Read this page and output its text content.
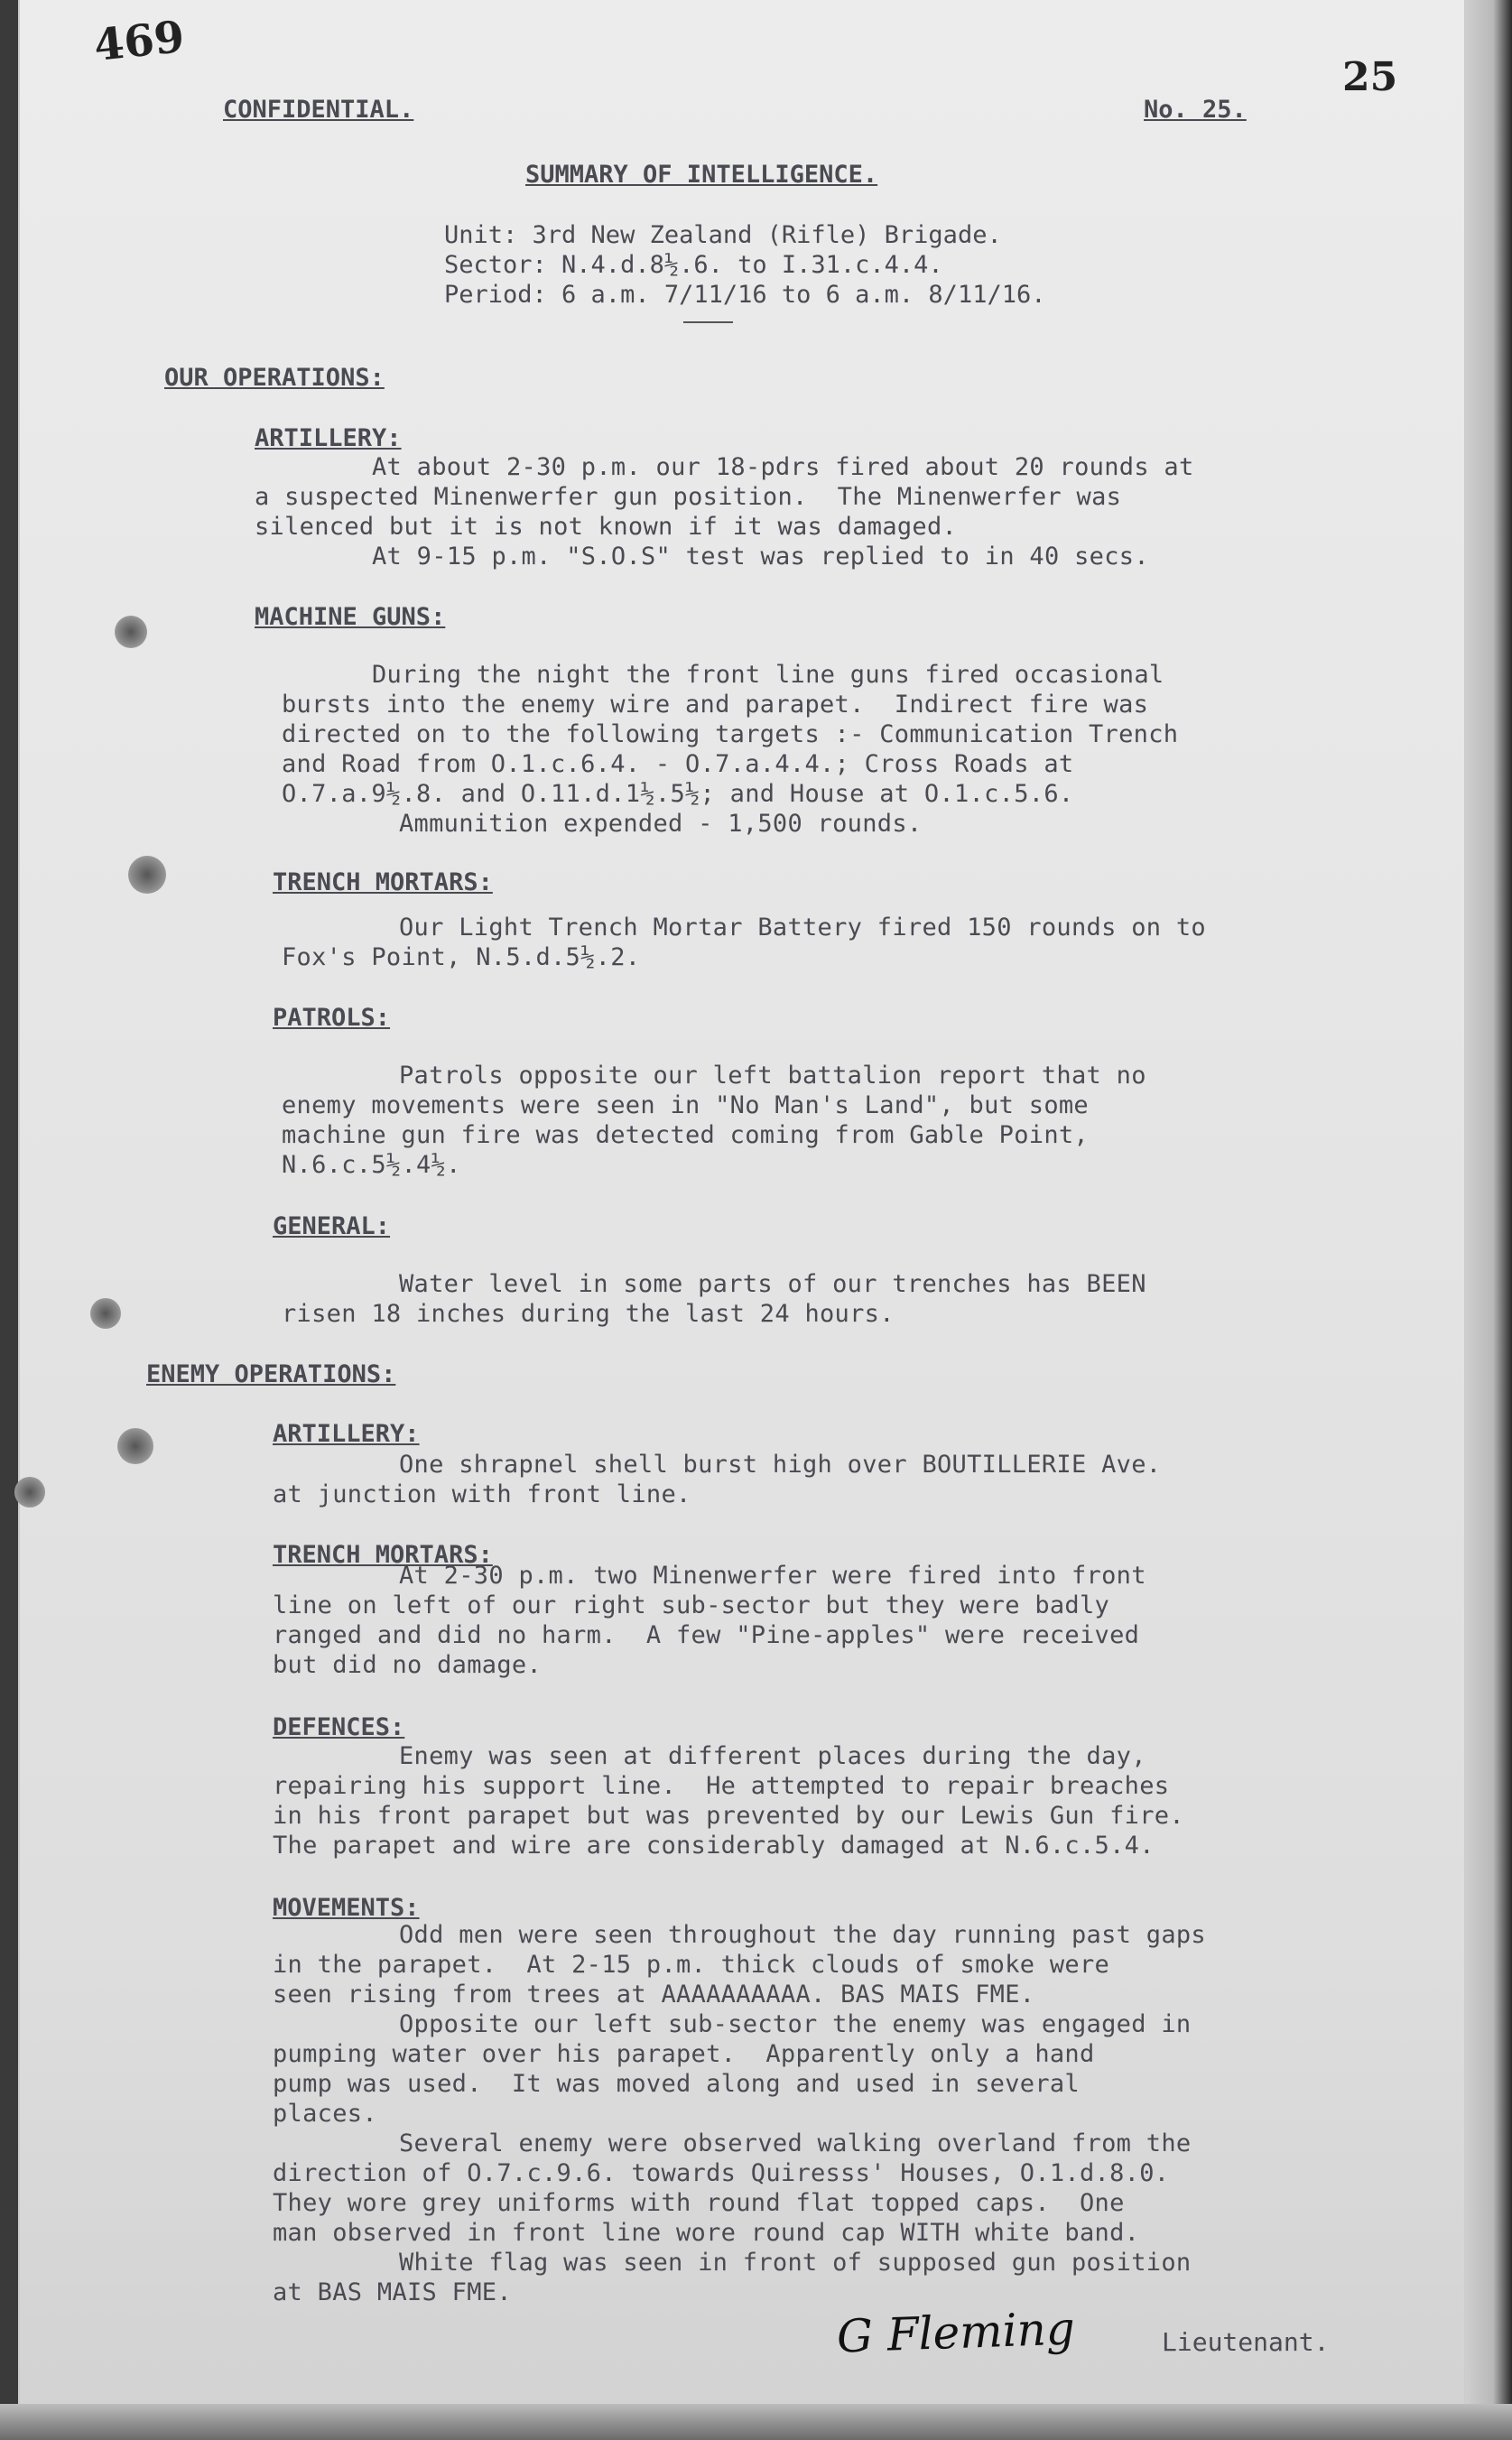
469
25
CONFIDENTIAL.	No. 25.
SUMMARY OF INTELLIGENCE.
Unit: 3rd New Zealand (Rifle) Brigade.
Sector: N.4.d.8½.6. to I.31.c.4.4.
Period: 6 a.m. 7/11/16 to 6 a.m. 8/11/16.
OUR OPERATIONS:
ARTILLERY:
At about 2-30 p.m. our 18-pdrs fired about 20 rounds at
a suspected Minenwerfer gun position.  The Minenwerfer was
silenced but it is not known if it was damaged.
At 9-15 p.m. "S.O.S" test was replied to in 40 secs.
MACHINE GUNS:
During the night the front line guns fired occasional
bursts into the enemy wire and parapet.  Indirect fire was
directed on to the following targets :- Communication Trench
and Road from O.1.c.6.4. - O.7.a.4.4.; Cross Roads at
O.7.a.9½.8. and O.11.d.1½.5½; and House at O.1.c.5.6.
Ammunition expended - 1,500 rounds.
TRENCH MORTARS:
Our Light Trench Mortar Battery fired 150 rounds on to
Fox's Point, N.5.d.5½.2.
PATROLS:
Patrols opposite our left battalion report that no
enemy movements were seen in "No Man's Land", but some
machine gun fire was detected coming from Gable Point,
N.6.c.5½.4½.
GENERAL:
Water level in some parts of our trenches has BEEN
risen 18 inches during the last 24 hours.
ENEMY OPERATIONS:
ARTILLERY:
One shrapnel shell burst high over BOUTILLERIE Ave.
at junction with front line.
TRENCH MORTARS:
At 2-30 p.m. two Minenwerfer were fired into front
line on left of our right sub-sector but they were badly
ranged and did no harm.  A few "Pine-apples" were received
but did no damage.
DEFENCES:
Enemy was seen at different places during the day,
repairing his support line.  He attempted to repair breaches
in his front parapet but was prevented by our Lewis Gun fire.
The parapet and wire are considerably damaged at N.6.c.5.4.
MOVEMENTS:
Odd men were seen throughout the day running past gaps
in the parapet.  At 2-15 p.m. thick clouds of smoke were
seen rising from trees at AAAAAAAAAA. BAS MAIS FME.
Opposite our left sub-sector the enemy was engaged in
pumping water over his parapet.  Apparently only a hand
pump was used.  It was moved along and used in several
places.
Several enemy were observed walking overland from the
direction of O.7.c.9.6. towards Quiresss' Houses, O.1.d.8.0.
They wore grey uniforms with round flat topped caps.  One
man observed in front line wore round cap WITH white band.
White flag was seen in front of supposed gun position
at BAS MAIS FME.
G Fleming	Lieutenant.
